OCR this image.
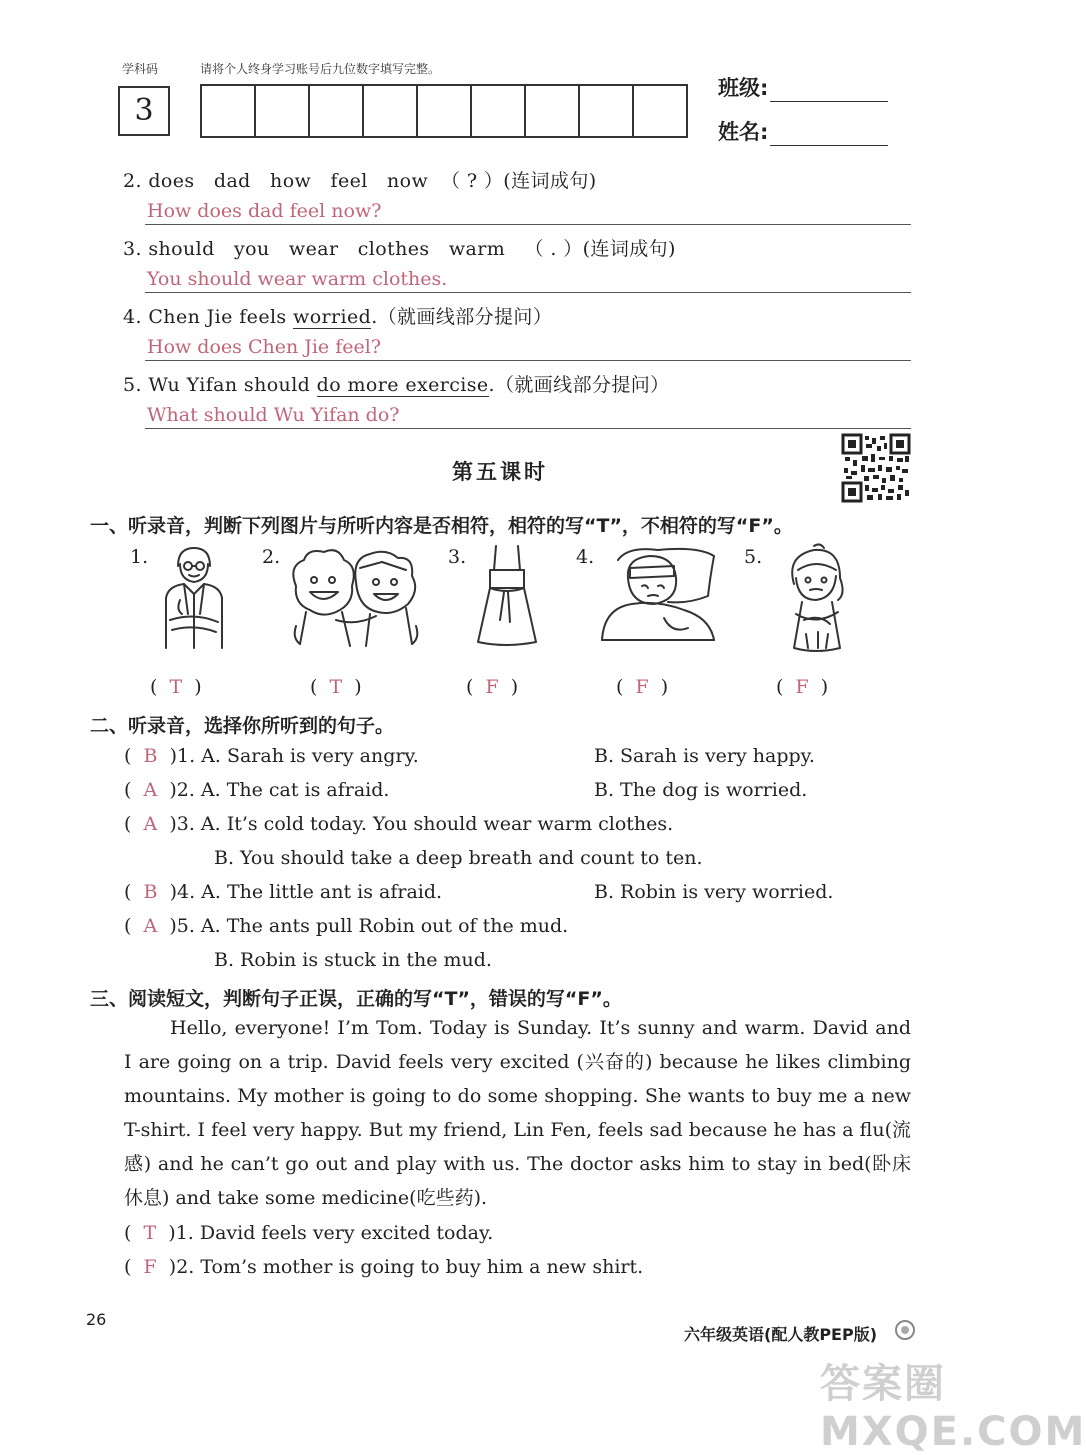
学科码	请将个人终身学习账号后九位数字填写完整。
3
班级:
姓名:
2. does   dad   how   feel   now  （ ? ）(连词成句)
How does dad feel now?
3. should   you   wear   clothes   warm   （ . ）(连词成句)
You should wear warm clothes.
4. Chen Jie feels worried.（就画线部分提问）
How does Chen Jie feel?
5. Wu Yifan should do more exercise.（就画线部分提问）
What should Wu Yifan do?
第五课时
一、听录音，判断下列图片与所听内容是否相符，相符的写“T”，不相符的写“F”。
1.	2.	3.	4.	5.
(  T  )	(  T  )	(  F  )	(  F  )	(  F  )
二、听录音，选择你所听到的句子。
(  B )1. A. Sarah is very angry.	B. Sarah is very happy.
(  A )2. A. The cat is afraid.	B. The dog is worried.
(  A )3. A. It’s cold today. You should wear warm clothes.
B. You should take a deep breath and count to ten.
(  B )4. A. The little ant is afraid.	B. Robin is very worried.
(  A )5. A. The ants pull Robin out of the mud.
B. Robin is stuck in the mud.
三、阅读短文，判断句子正误，正确的写“T”，错误的写“F”。
Hello, everyone! I’m Tom. Today is Sunday. It’s sunny and warm. David and I are going on a trip. David feels very excited (兴奋的) because he likes climbing mountains. My mother is going to do some shopping. She wants to buy me a new T-shirt. I feel very happy. But my friend, Lin Fen, feels sad because he has a flu(流感) and he can’t go out and play with us. The doctor asks him to stay in bed(卧床休息) and take some medicine(吃些药).
(  T )1. David feels very excited today.
(  F )2. Tom’s mother is going to buy him a new shirt.
26
六年级英语(配人教PEP版)
答案圈 MXQE.COM
